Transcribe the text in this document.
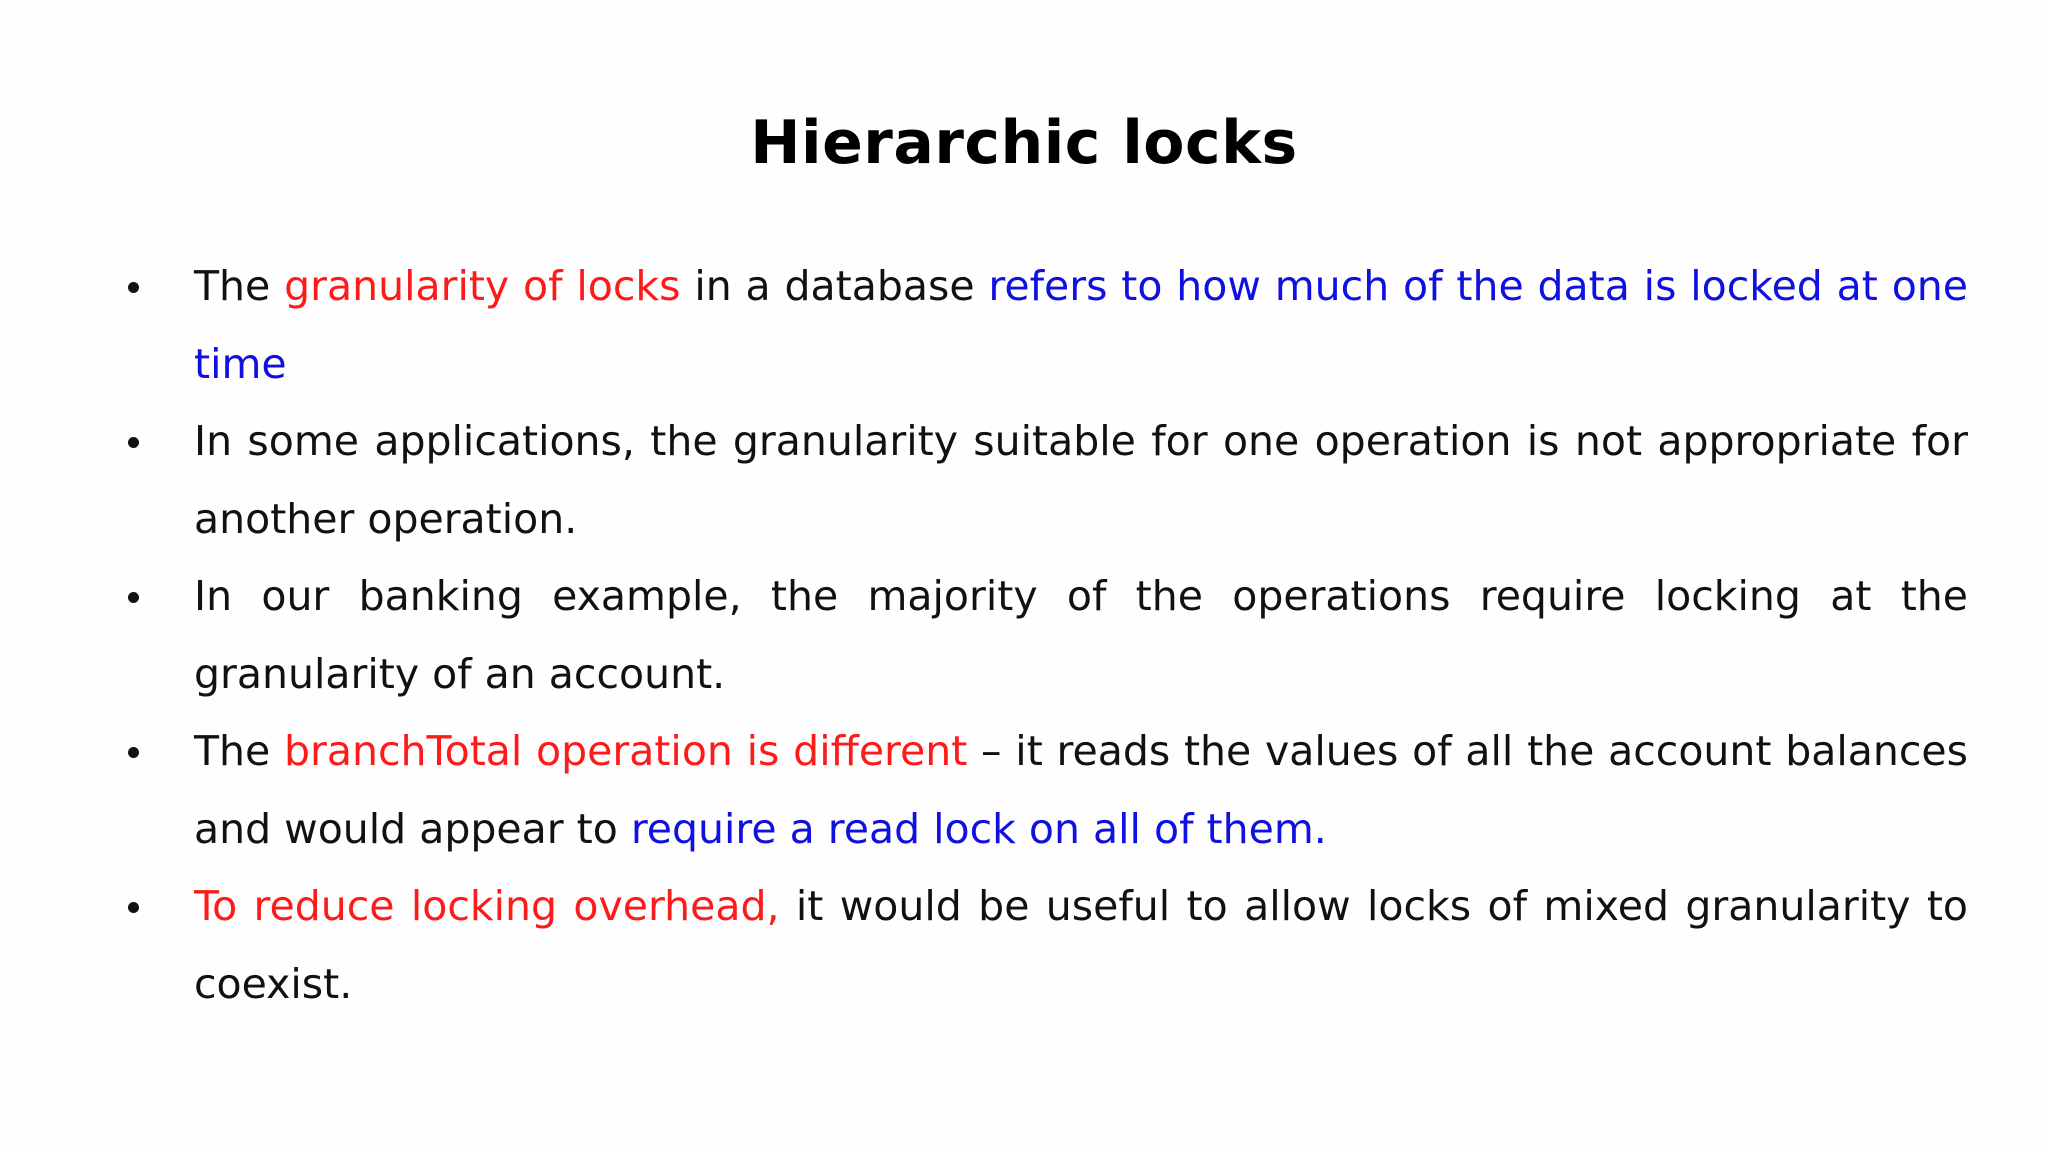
Hierarchic locks
The granularity of locks in a database refers to how much of the data is locked at one time
In some applications, the granularity suitable for one operation is not appropriate for another operation.
In our banking example, the majority of the operations require locking at the granularity of an account.
The branchTotal operation is different – it reads the values of all the account balances and would appear to require a read lock on all of them.
To reduce locking overhead, it would be useful to allow locks of mixed granularity to coexist.
